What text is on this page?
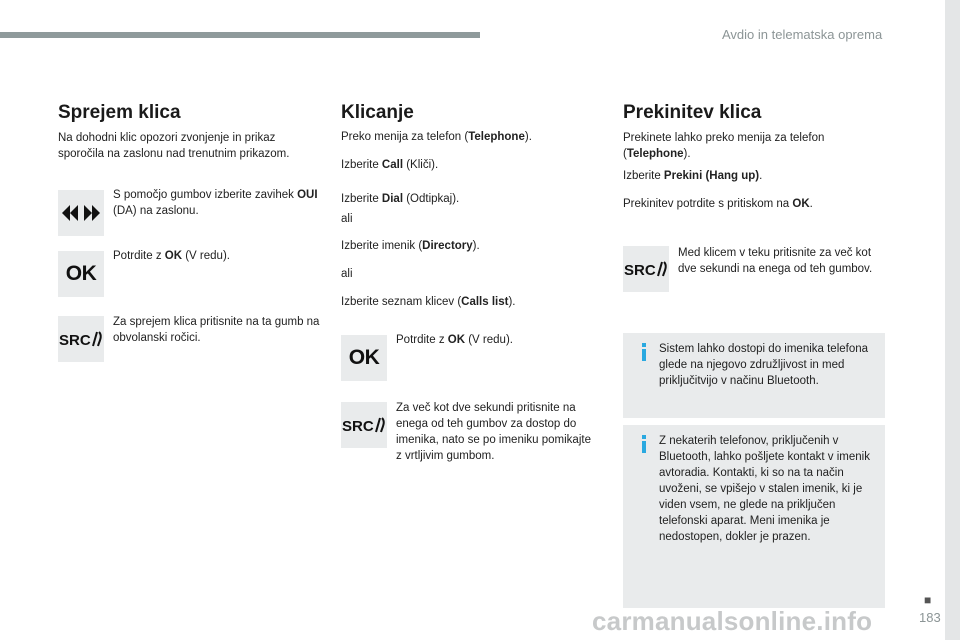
Avdio in telematska oprema
Sprejem klica

Na dohodni klic opozori zvonjenje in prikaz sporočila na zaslonu nad trenutnim prikazom.

S pomočjo gumbov izberite zavihek OUI (DA) na zaslonu.

OK

Potrdite z OK (V redu).

SRC

Za sprejem klica pritisnite na ta gumb na obvolanski ročici.

Klicanje

Preko menija za telefon (Telephone).

Izberite Call (Kliči).

Izberite Dial (Odtipkaj).

ali

Izberite imenik (Directory).

ali

Izberite seznam klicev (Calls list).

OK

Potrdite z OK (V redu).

SRC

Za več kot dve sekundi pritisnite na enega od teh gumbov za dostop do imenika, nato se po imeniku pomikajte z vrtljivim gumbom.

Prekinitev klica

Prekinete lahko preko menija za telefon (Telephone).

Izberite Prekini (Hang up).

Prekinitev potrdite s pritiskom na OK.

SRC

Med klicem v teku pritisnite za več kot dve sekundi na enega od teh gumbov.

Sistem lahko dostopi do imenika telefona glede na njegovo združljivost in med priključitvijo v načinu Bluetooth.
Z nekaterih telefonov, priključenih v Bluetooth, lahko pošljete kontakt v imenik avtoradia. Kontakti, ki so na ta način uvoženi, se vpišejo v stalen imenik, ki je viden vsem, ne glede na priključen telefonski aparat. Meni imenika je nedostopen, dokler je prazen.
carmanualsonline.info
■
183
